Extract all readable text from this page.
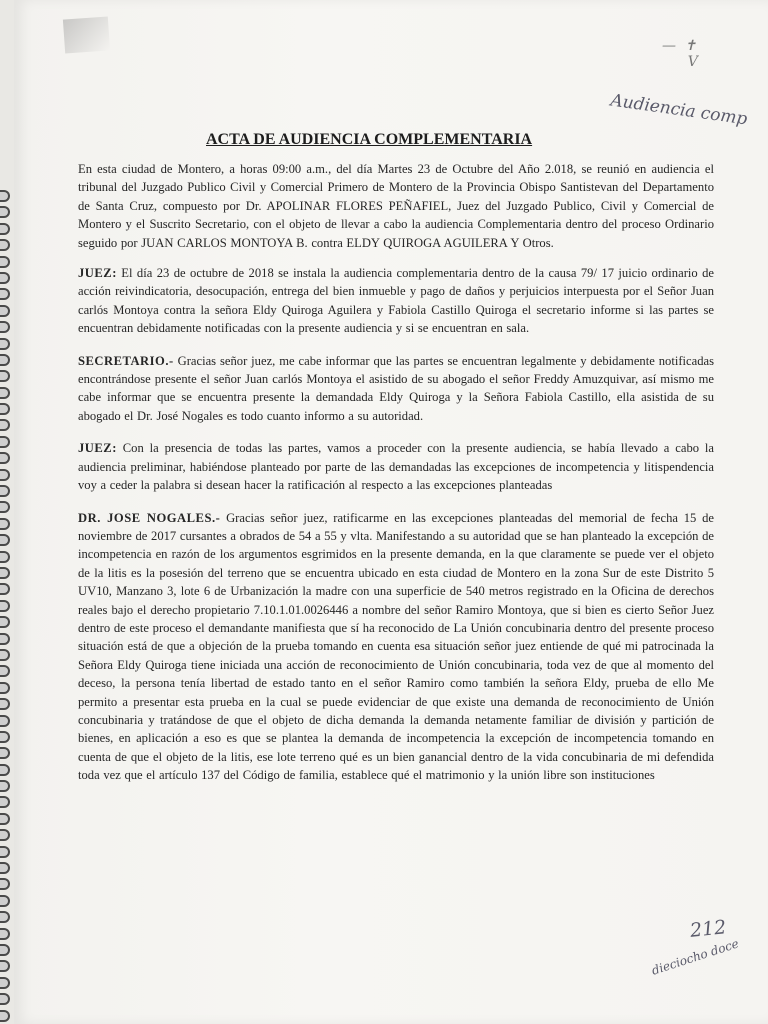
— ✝
V
Audiencia comp
ACTA DE AUDIENCIA COMPLEMENTARIA

En esta ciudad de Montero, a horas 09:00 a.m., del día Martes 23 de Octubre del Año 2.018, se reunió en audiencia el tribunal del Juzgado Publico Civil y Comercial Primero de Montero de la Provincia Obispo Santistevan del Departamento de Santa Cruz, compuesto por Dr. APOLINAR FLORES PEÑAFIEL, Juez del Juzgado Publico, Civil y Comercial de Montero y el Suscrito Secretario, con el objeto de llevar a cabo la audiencia Complementaria dentro del proceso Ordinario seguido por JUAN CARLOS MONTOYA B. contra ELDY QUIROGA AGUILERA Y Otros.

JUEZ: El día 23 de octubre de 2018 se instala la audiencia complementaria dentro de la causa 79/ 17 juicio ordinario de acción reivindicatoria, desocupación, entrega del bien inmueble y pago de daños y perjuicios interpuesta por el Señor Juan carlós Montoya contra la señora Eldy Quiroga Aguilera y Fabiola Castillo Quiroga el secretario informe si las partes se encuentran debidamente notificadas con la presente audiencia y si se encuentran en sala.

SECRETARIO.- Gracias señor juez, me cabe informar que las partes se encuentran legalmente y debidamente notificadas encontrándose presente el señor Juan carlós Montoya el asistido de su abogado el señor Freddy Amuzquivar, así mismo me cabe informar que se encuentra presente la demandada Eldy Quiroga y la Señora Fabiola Castillo, ella asistida de su abogado el Dr. José Nogales es todo cuanto informo a su autoridad.

JUEZ: Con la presencia de todas las partes, vamos a proceder con la presente audiencia, se había llevado a cabo la audiencia preliminar, habiéndose planteado por parte de las demandadas las excepciones de incompetencia y litispendencia voy a ceder la palabra si desean hacer la ratificación al respecto a las excepciones planteadas

DR. JOSE NOGALES.- Gracias señor juez, ratificarme en las excepciones planteadas del memorial de fecha 15 de noviembre de 2017 cursantes a obrados de 54 a 55 y vlta. Manifestando a su autoridad que se han planteado la excepción de incompetencia en razón de los argumentos esgrimidos en la presente demanda, en la que claramente se puede ver el objeto de la litis es la posesión del terreno que se encuentra ubicado en esta ciudad de Montero en la zona Sur de este Distrito 5 UV10, Manzano 3, lote 6 de Urbanización la madre con una superficie de 540 metros registrado en la Oficina de derechos reales bajo el derecho propietario 7.10.1.01.0026446 a nombre del señor Ramiro Montoya, que si bien es cierto Señor Juez dentro de este proceso el demandante manifiesta que sí ha reconocido de La Unión concubinaria dentro del presente proceso situación está de que a objeción de la prueba tomando en cuenta esa situación señor juez entiende de qué mi patrocinada la Señora Eldy Quiroga tiene iniciada una acción de reconocimiento de Unión concubinaria, toda vez de que al momento del deceso, la persona tenía libertad de estado tanto en el señor Ramiro como también la señora Eldy, prueba de ello Me permito a presentar esta prueba en la cual se puede evidenciar de que existe una demanda de reconocimiento de Unión concubinaria y tratándose de que el objeto de dicha demanda la demanda netamente familiar de división y partición de bienes, en aplicación a eso es que se plantea la demanda de incompetencia la excepción de incompetencia tomando en cuenta de que el objeto de la litis, ese lote terreno qué es un bien ganancial dentro de la vida concubinaria de mi defendida toda vez que el artículo 137 del Código de familia, establece qué el matrimonio y la unión libre son instituciones

212
dieciocho doce
